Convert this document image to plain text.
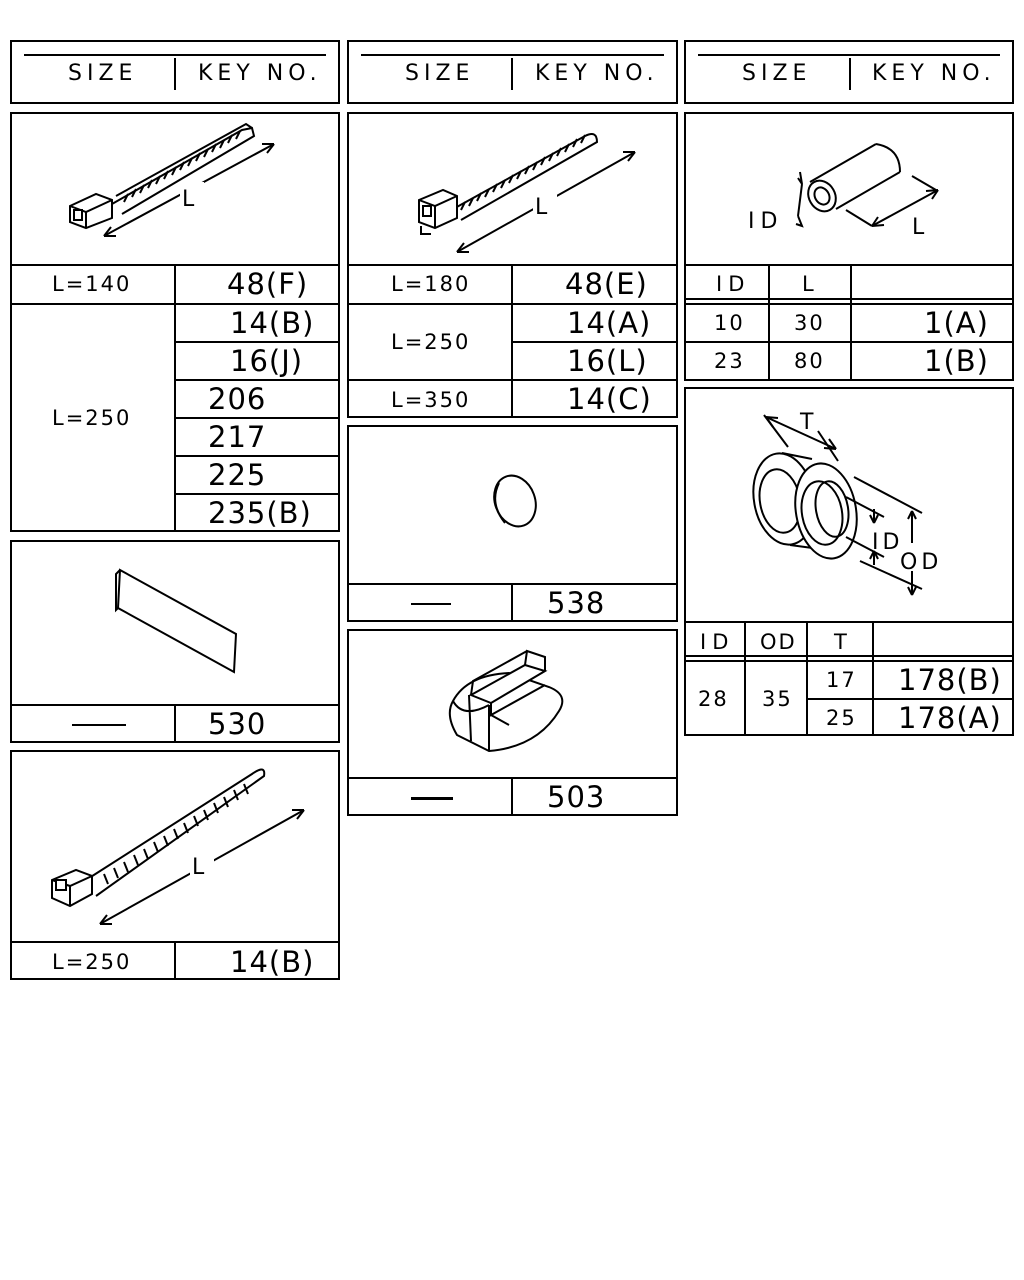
SIZE	KEY NO.	SIZE	KEY NO.	SIZE	KEY NO.
L
L=140	48(F)
L=250
14(B)
16(J)
206
217
225
235(B)
530
L
L=250	14(B)
L
L=180	48(E)
L=250
14(A)
16(L)
L=350	14(C)
538
503
ID	L
ID L
10 30	1(A)
23 80	1(B)
T
ID
OD
ID OD T
28 35
17 178(B)
25 178(A)
